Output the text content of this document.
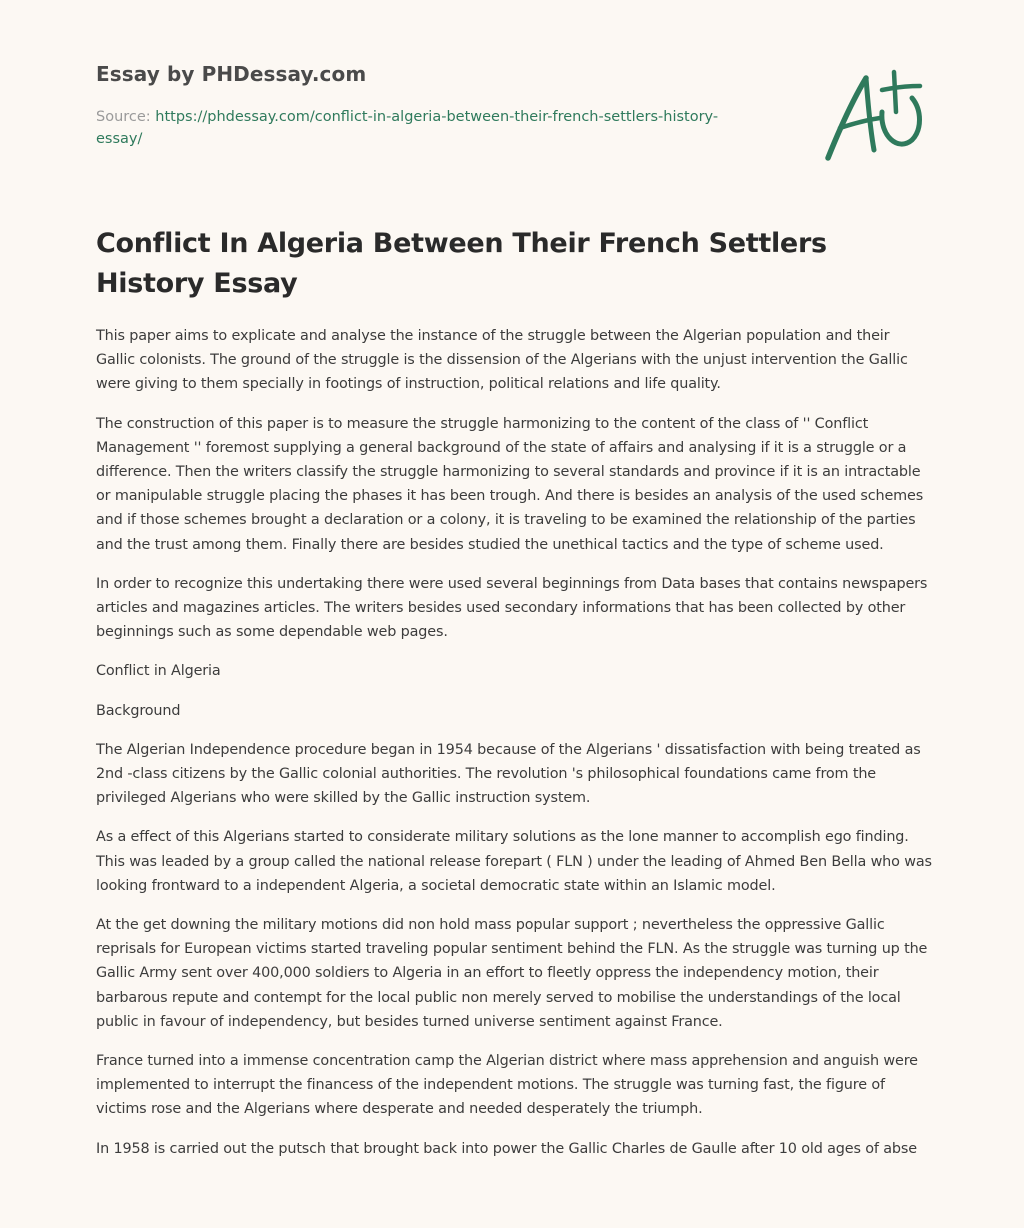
Essay by PHDessay.com
Source: https://phdessay.com/conflict-in-algeria-between-their-french-settlers-history-essay/
Conflict In Algeria Between Their French Settlers History Essay

This paper aims to explicate and analyse the instance of the struggle between the Algerian population and their Gallic colonists. The ground of the struggle is the dissension of the Algerians with the unjust intervention the Gallic were giving to them specially in footings of instruction, political relations and life quality.

The construction of this paper is to measure the struggle harmonizing to the content of the class of '' Conflict Management '' foremost supplying a general background of the state of affairs and analysing if it is a struggle or a difference. Then the writers classify the struggle harmonizing to several standards and province if it is an intractable or manipulable struggle placing the phases it has been trough. And there is besides an analysis of the used schemes and if those schemes brought a declaration or a colony, it is traveling to be examined the relationship of the parties and the trust among them. Finally there are besides studied the unethical tactics and the type of scheme used.

In order to recognize this undertaking there were used several beginnings from Data bases that contains newspapers articles and magazines articles. The writers besides used secondary informations that has been collected by other beginnings such as some dependable web pages.

Conflict in Algeria

Background

The Algerian Independence procedure began in 1954 because of the Algerians ' dissatisfaction with being treated as 2nd -class citizens by the Gallic colonial authorities. The revolution 's philosophical foundations came from the privileged Algerians who were skilled by the Gallic instruction system.

As a effect of this Algerians started to considerate military solutions as the lone manner to accomplish ego finding. This was leaded by a group called the national release forepart ( FLN ) under the leading of Ahmed Ben Bella who was looking frontward to a independent Algeria, a societal democratic state within an Islamic model.

At the get downing the military motions did non hold mass popular support ; nevertheless the oppressive Gallic reprisals for European victims started traveling popular sentiment behind the FLN. As the struggle was turning up the Gallic Army sent over 400,000 soldiers to Algeria in an effort to fleetly oppress the independency motion, their barbarous repute and contempt for the local public non merely served to mobilise the understandings of the local public in favour of independency, but besides turned universe sentiment against France.

France turned into a immense concentration camp the Algerian district where mass apprehension and anguish were implemented to interrupt the financess of the independent motions. The struggle was turning fast, the figure of victims rose and the Algerians where desperate and needed desperately the triumph.

In 1958 is carried out the putsch that brought back into power the Gallic Charles de Gaulle after 10 old ages of abse
